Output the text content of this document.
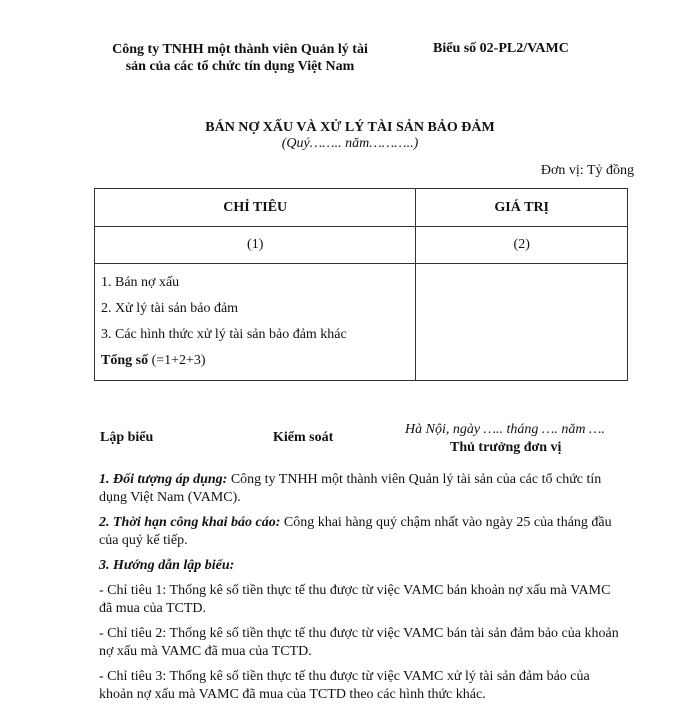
Công ty TNHH một thành viên Quản lý tài
sản của các tổ chức tín dụng Việt Nam
Biểu số 02-PL2/VAMC
BÁN NỢ XẤU VÀ XỬ LÝ TÀI SẢN BẢO ĐẢM
(Quý…….. năm………..)
Đơn vị: Tỷ đồng
CHỈ TIÊU	GIÁ TRỊ
(1)	(2)

1. Bán nợ xấu
2. Xử lý tài sản bảo đảm
3. Các hình thức xử lý tài sản bảo đảm khác
Tổng số (=1+2+3)	

Lập biểu	Kiểm soát
Hà Nội, ngày ….. tháng …. năm ….
Thủ trưởng đơn vị

1. Đối tượng áp dụng: Công ty TNHH một thành viên Quản lý tài sản của các tổ chức tín dụng Việt Nam (VAMC).

2. Thời hạn công khai báo cáo: Công khai hàng quý chậm nhất vào ngày 25 của tháng đầu của quý kế tiếp.

3. Hướng dẫn lập biểu:

- Chỉ tiêu 1: Thống kê số tiền thực tế thu được từ việc VAMC bán khoản nợ xấu mà VAMC đã mua của TCTD.

- Chỉ tiêu 2: Thống kê số tiền thực tế thu được từ việc VAMC bán tài sản đảm bảo của khoản nợ xấu mà VAMC đã mua của TCTD.

- Chỉ tiêu 3: Thống kê số tiền thực tế thu được từ việc VAMC xử lý tài sản đảm bảo của khoản nợ xấu mà VAMC đã mua của TCTD theo các hình thức khác.
